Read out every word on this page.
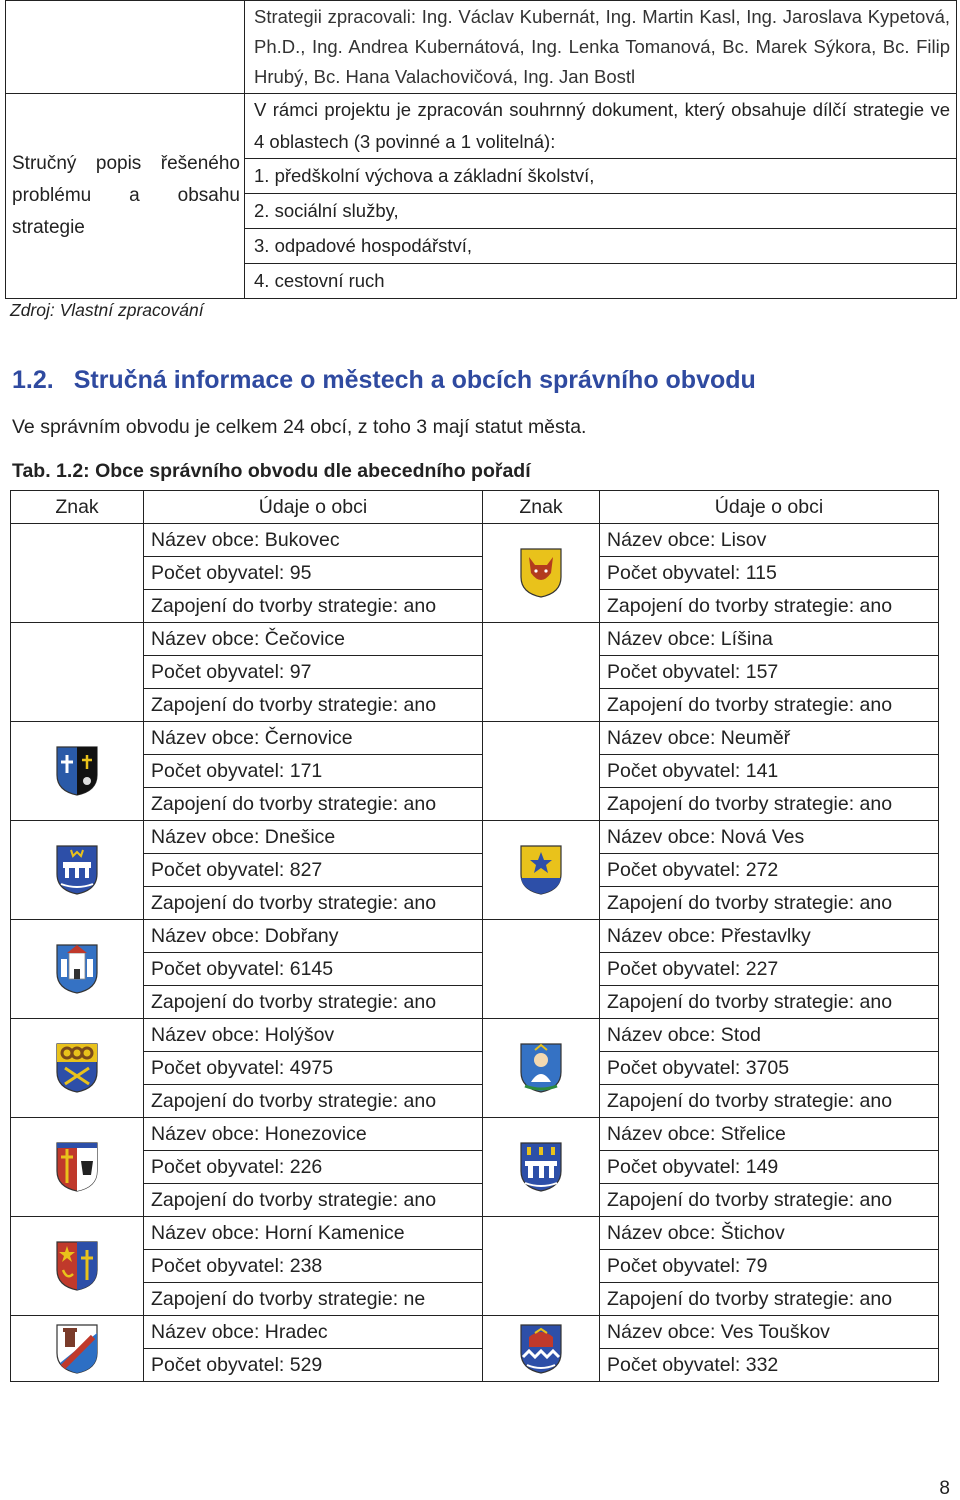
	Strategii zpracovali: Ing. Václav Kubernát, Ing. Martin Kasl, Ing. Jaroslava Kypetová, Ph.D., Ing. Andrea Kubernátová, Ing. Lenka Tomanová, Bc. Marek Sýkora, Bc. Filip Hrubý, Bc. Hana Valachovičová, Ing. Jan Bostl

Stručný popis řešeného problému a obsahu strategie	V rámci projektu je zpracován souhrnný dokument, který obsahuje dílčí strategie ve 4 oblastech (3 povinné a 1 volitelná):
1. předškolní výchova a základní školství,
2. sociální služby,
3. odpadové hospodářství,
4. cestovní ruch
Zdroj: Vlastní zpracování
1.2. Stručná informace o městech a obcích správního obvodu
Ve správním obvodu je celkem 24 obcí, z toho 3 mají statut města.
Tab. 1.2: Obce správního obvodu dle abecedního pořadí
Znak	Údaje o obci	Znak	Údaje o obci
	Název obce: Bukovec		Název obce: Lisov
	Počet obyvatel: 95		Počet obyvatel: 115
	Zapojení do tvorby strategie: ano		Zapojení do tvorby strategie: ano
	Název obce: Čečovice		Název obce: Líšina
	Počet obyvatel: 97		Počet obyvatel: 157
	Zapojení do tvorby strategie: ano		Zapojení do tvorby strategie: ano
	Název obce: Černovice		Název obce: Neuměř
	Počet obyvatel: 171		Počet obyvatel: 141
	Zapojení do tvorby strategie: ano		Zapojení do tvorby strategie: ano
	Název obce: Dnešice		Název obce: Nová Ves
	Počet obyvatel: 827		Počet obyvatel: 272
	Zapojení do tvorby strategie: ano		Zapojení do tvorby strategie: ano
	Název obce: Dobřany		Název obce: Přestavlky
	Počet obyvatel: 6145		Počet obyvatel: 227
	Zapojení do tvorby strategie: ano		Zapojení do tvorby strategie: ano
	Název obce: Holýšov		Název obce: Stod
	Počet obyvatel: 4975		Počet obyvatel: 3705
	Zapojení do tvorby strategie: ano		Zapojení do tvorby strategie: ano
	Název obce: Honezovice		Název obce: Střelice
	Počet obyvatel: 226		Počet obyvatel: 149
	Zapojení do tvorby strategie: ano		Zapojení do tvorby strategie: ano
	Název obce: Horní Kamenice		Název obce: Štichov
	Počet obyvatel: 238		Počet obyvatel: 79
	Zapojení do tvorby strategie: ne		Zapojení do tvorby strategie: ano
	Název obce: Hradec		Název obce: Ves Touškov
	Počet obyvatel: 529		Počet obyvatel: 332
8
